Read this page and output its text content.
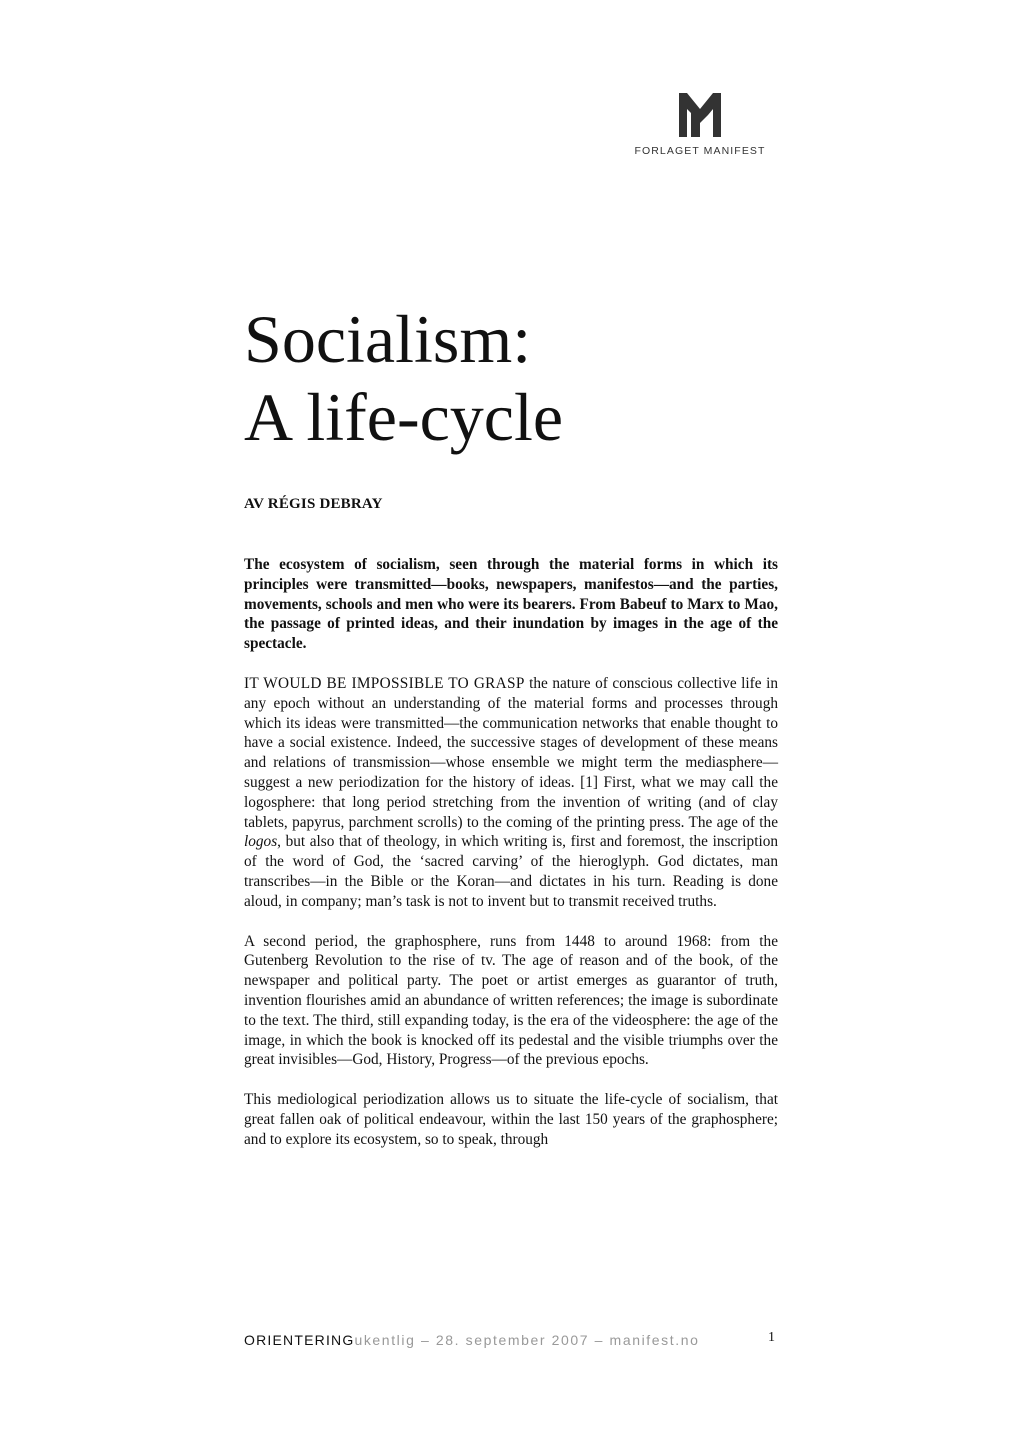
FORLAGET MANIFEST
Socialism:
A life-cycle
AV RÉGIS DEBRAY

The ecosystem of socialism, seen through the material forms in which its principles were transmitted—books, newspapers, manifestos—and the parties, movements, schools and men who were its bearers. From Babeuf to Marx to Mao, the passage of printed ideas, and their inundation by images in the age of the spectacle.

IT WOULD BE IMPOSSIBLE TO GRASP the nature of conscious collective life in any epoch without an understanding of the material forms and processes through which its ideas were transmitted—the communication networks that enable thought to have a social existence. Indeed, the successive stages of development of these means and relations of transmission—whose ensemble we might term the mediasphere—suggest a new periodization for the history of ideas. [1] First, what we may call the logosphere: that long period stretching from the invention of writing (and of clay tablets, papyrus, parchment scrolls) to the coming of the printing press. The age of the logos, but also that of theology, in which writing is, first and foremost, the inscription of the word of God, the ‘sacred carving’ of the hieroglyph. God dictates, man transcribes—in the Bible or the Koran—and dictates in his turn. Reading is done aloud, in company; man’s task is not to invent but to transmit received truths.

A second period, the graphosphere, runs from 1448 to around 1968: from the Gutenberg Revolution to the rise of tv. The age of reason and of the book, of the newspaper and political party. The poet or artist emerges as guarantor of truth, invention flourishes amid an abundance of written references; the image is subordinate to the text. The third, still expanding today, is the era of the videosphere: the age of the image, in which the book is knocked off its pedestal and the visible triumphs over the great invisibles—God, History, Progress—of the previous epochs.

This mediological periodization allows us to situate the life-cycle of socialism, that great fallen oak of political endeavour, within the last 150 years of the graphosphere; and to explore its ecosystem, so to speak, through

ORIENTERINGukentlig – 28. september 2007 – manifest.no	1
